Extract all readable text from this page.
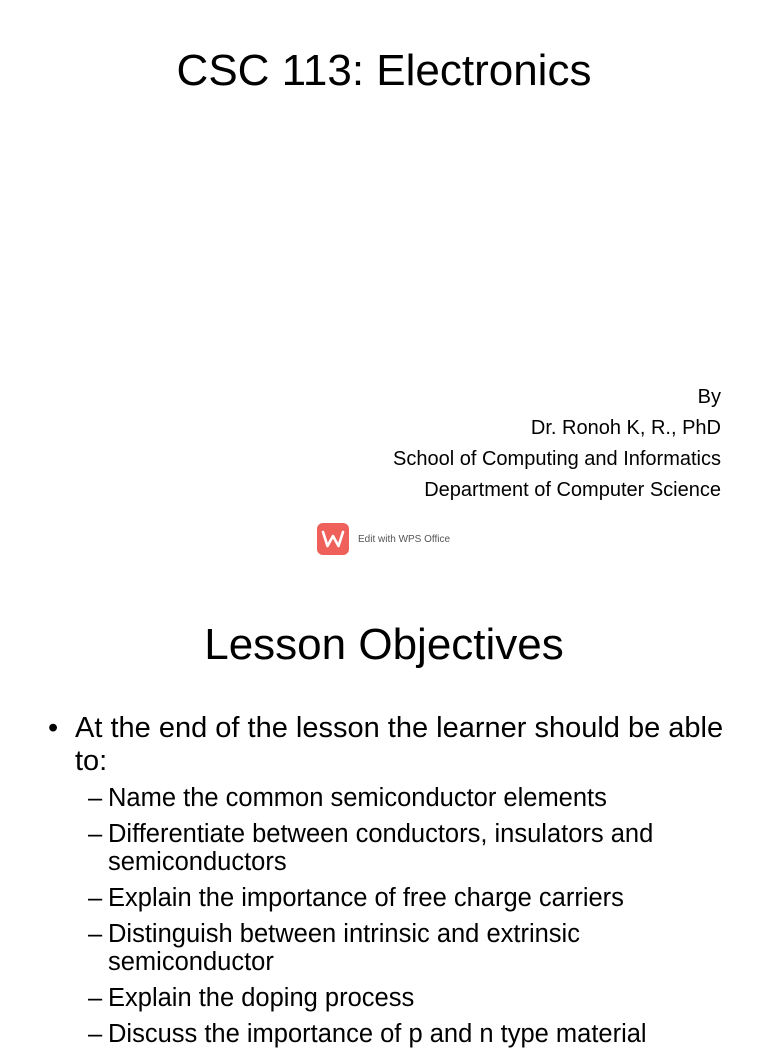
CSC 113: Electronics
By
Dr. Ronoh K, R., PhD
School of Computing and Informatics
Department of Computer Science
Edit with WPS Office
Lesson Objectives
• At the end of the lesson the learner should be able to:
– Name the common semiconductor elements
– Differentiate between conductors, insulators and semiconductors
– Explain the importance of free charge carriers
– Distinguish between intrinsic and extrinsic semiconductor
– Explain the doping process
– Discuss the importance of p and n type material
